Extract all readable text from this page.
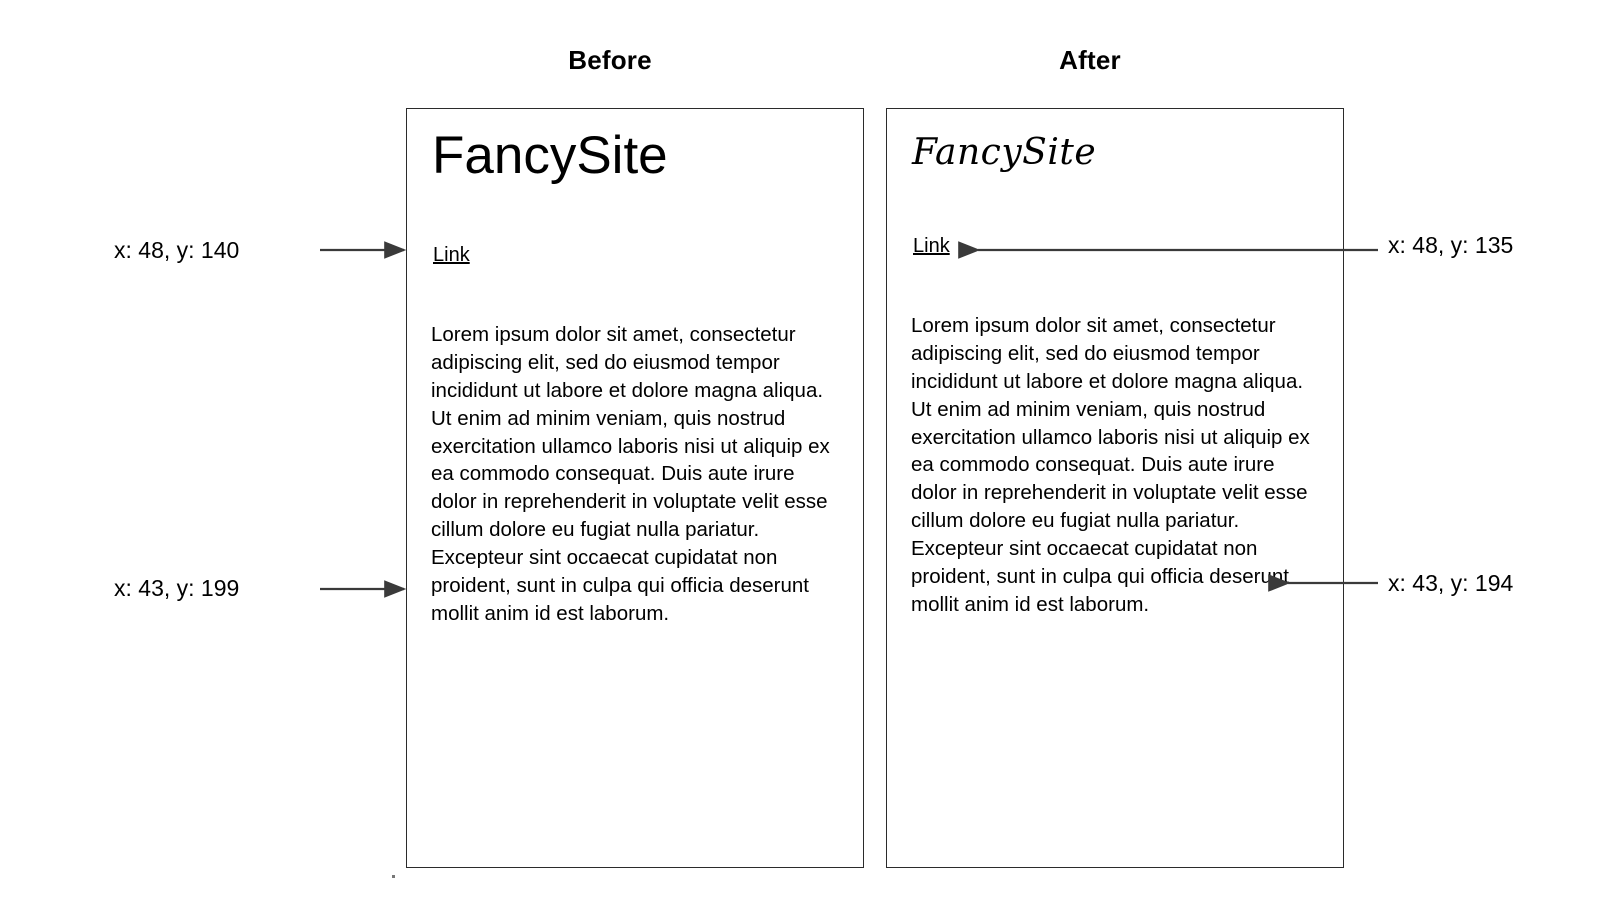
Before	After
FancySite
Link
Lorem ipsum dolor sit amet, consectetur adipiscing elit, sed do eiusmod tempor incididunt ut labore et dolore magna aliqua. Ut enim ad minim veniam, quis nostrud exercitation ullamco laboris nisi ut aliquip ex ea commodo consequat. Duis aute irure dolor in reprehenderit in voluptate velit esse cillum dolore eu fugiat nulla pariatur. Excepteur sint occaecat cupidatat non proident, sunt in culpa qui officia deserunt mollit anim id est laborum.
FancySite
Link
Lorem ipsum dolor sit amet, consectetur adipiscing elit, sed do eiusmod tempor incididunt ut labore et dolore magna aliqua. Ut enim ad minim veniam, quis nostrud exercitation ullamco laboris nisi ut aliquip ex ea commodo consequat. Duis aute irure dolor in reprehenderit in voluptate velit esse cillum dolore eu fugiat nulla pariatur. Excepteur sint occaecat cupidatat non proident, sunt in culpa qui officia deserunt mollit anim id est laborum.
x: 48, y: 140
x: 43, y: 199
x: 48, y: 135
x: 43, y: 194
